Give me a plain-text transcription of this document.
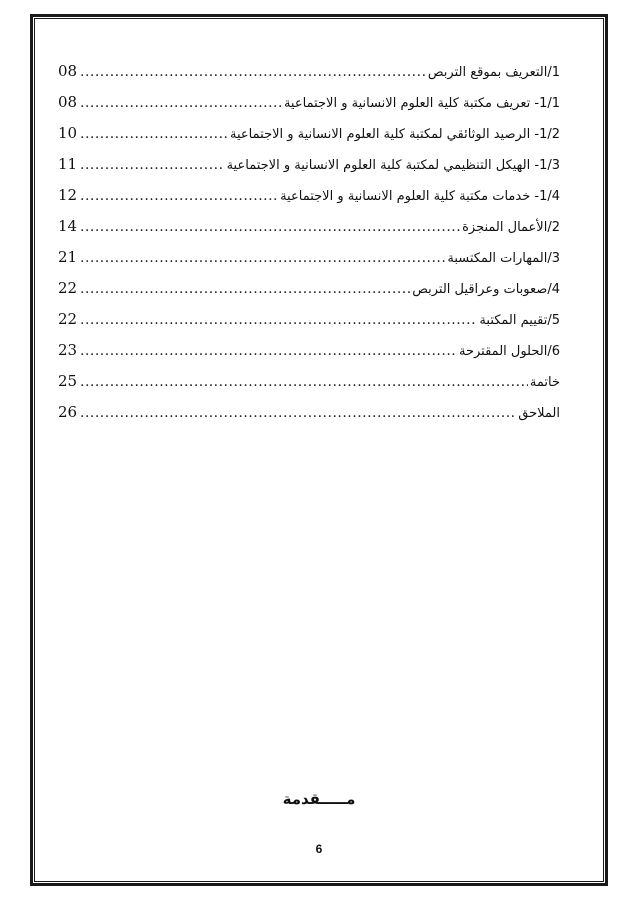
1/التعريف بموقع التربص
.....
08
1/1- تعريف مكتبة كلية العلوم الانسانية و الاجتماعية
.....
08
1/2- الرصيد الوثائقي لمكتبة كلية العلوم الانسانية و الاجتماعية
.....
10
1/3- الهيكل التنظيمي لمكتبة كلية العلوم الانسانية و الاجتماعية
.....
11
1/4- خدمات مكتبة كلية العلوم الانسانية و الاجتماعية
.....
12
2/الأعمال المنجزة
.....
14
3/المهارات المكتسبة
.....
21
4/صعوبات وعراقيل التربص
.....
22
5/تقييم المكتبة
.....
22
6/الحلول المقترحة
.....
23
خاتمة
.....
25
الملاحق
.....
26
مـــــقدمة
6
